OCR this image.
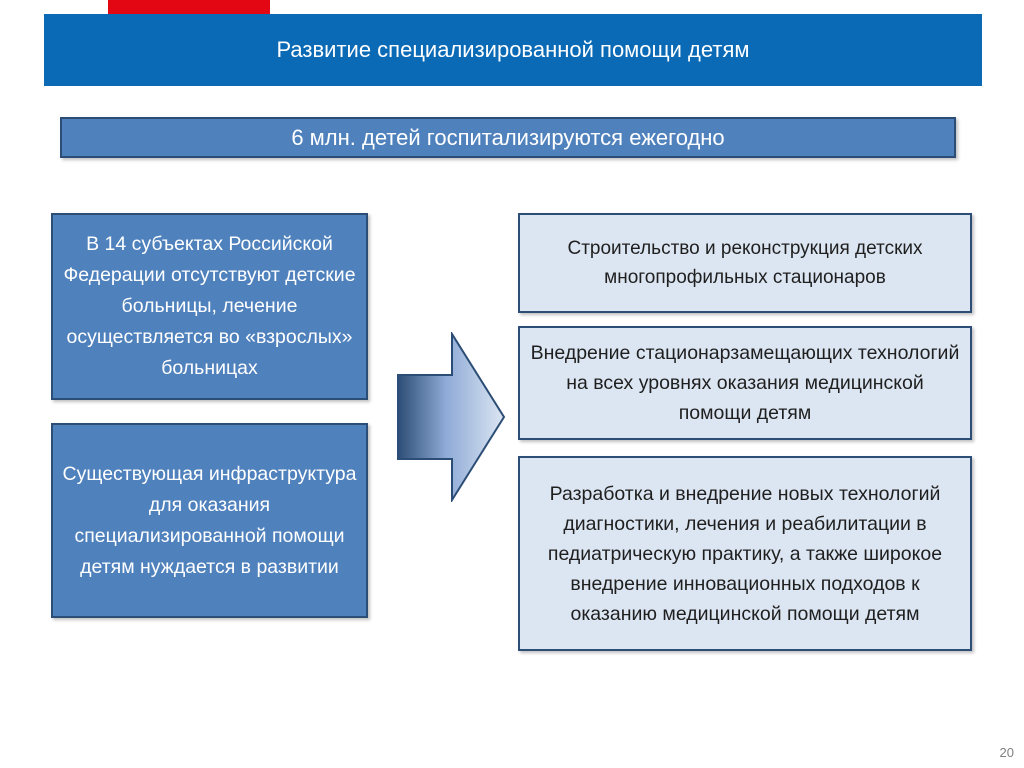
Развитие специализированной помощи детям
6 млн. детей госпитализируются ежегодно
В 14 субъектах Российской Федерации отсутствуют детские больницы, лечение осуществляется во «взрослых» больницах
Существующая инфраструктура для оказания специализированной помощи детям нуждается в развитии
Строительство и реконструкция детских многопрофильных стационаров
Внедрение стационарзамещающих технологий на всех уровнях оказания медицинской помощи детям
Разработка и внедрение новых технологий диагностики, лечения и реабилитации в педиатрическую практику, а также широкое внедрение инновационных подходов к оказанию медицинской помощи детям
20
